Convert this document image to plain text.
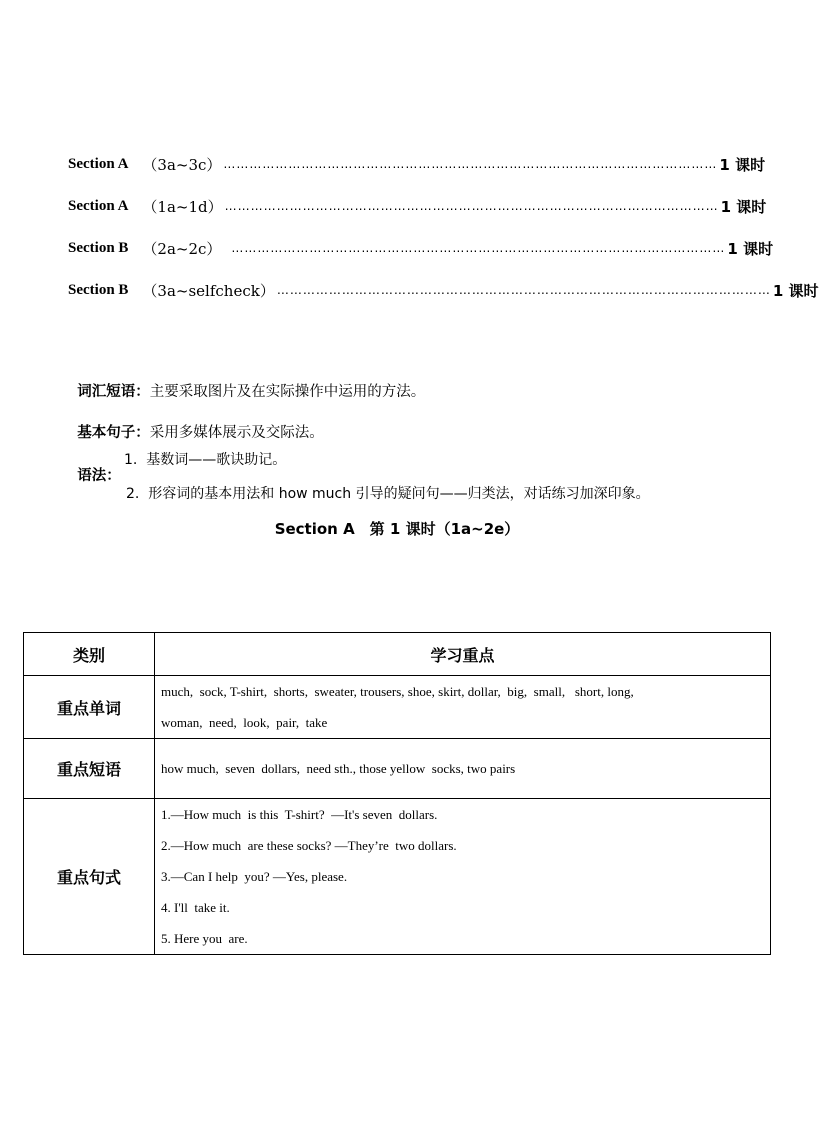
Section A （3a~3c） …………………………………………………………………………………………………… 1 课时
Section A （1a~1d） …………………………………………………………………………………………………… 1 课时
Section B （2a~2c） …………………………………………………………………………………………………… 1 课时
Section B （3a~selfcheck） …………………………………………………………………………………………………… 1 课时

词汇短语：主要采取图片及在实际操作中运用的方法。

基本句子：采用多媒体展示及交际法。

语法：

1.  基数词——歌诀助记。
2.  形容词的基本用法和 how much 引导的疑问句——归类法，对话练习加深印象。
Section A　第 1 课时（1a~2e）
类别	学习重点
重点单词	much,  sock, T-shirt,  shorts,  sweater, trousers, shoe, skirt, dollar,  big,  small,   short, long,
woman,  need,  look,  pair,  take

重点短语	how much,  seven  dollars,  need sth., those yellow  socks, two pairs

重点句式	1.—How much  is this  T-shirt?  —It's seven  dollars.
2.—How much  are these socks? —They’re  two dollars.
3.—Can I help  you? —Yes, please.
4. I'll  take it.
5. Here you  are.
